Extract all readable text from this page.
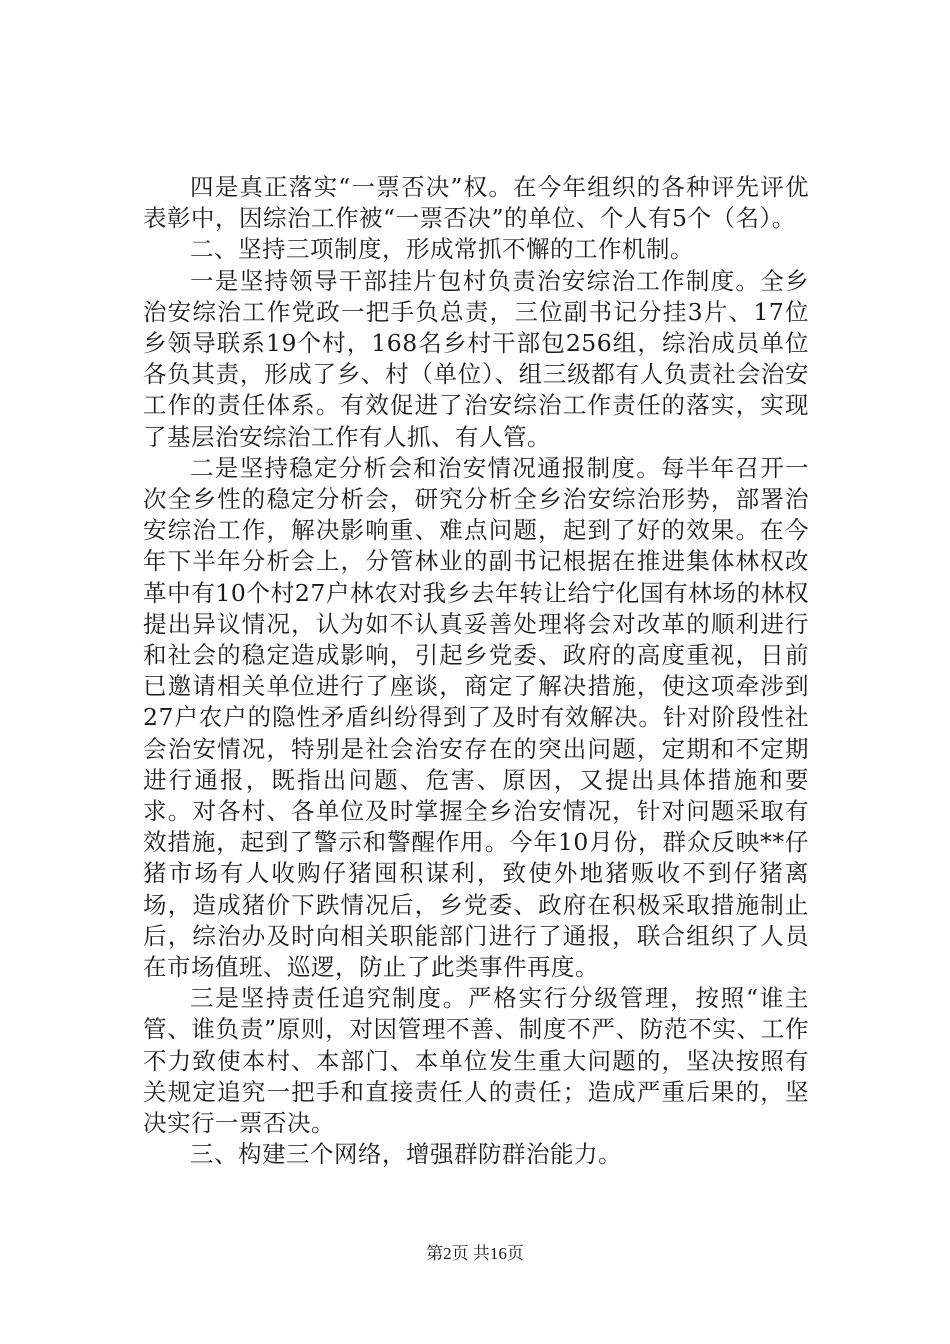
四是真正落实“一票否决”权。在今年组织的各种评先评优表彰中，因综治工作被“一票否决”的单位、个人有5个（名）。

二、坚持三项制度，形成常抓不懈的工作机制。

一是坚持领导干部挂片包村负责治安综治工作制度。全乡治安综治工作党政一把手负总责，三位副书记分挂3片、17位乡领导联系19个村，168名乡村干部包256组，综治成员单位各负其责，形成了乡、村（单位）、组三级都有人负责社会治安工作的责任体系。有效促进了治安综治工作责任的落实，实现了基层治安综治工作有人抓、有人管。

二是坚持稳定分析会和治安情况通报制度。每半年召开一次全乡性的稳定分析会，研究分析全乡治安综治形势，部署治安综治工作，解决影响重、难点问题，起到了好的效果。在今年下半年分析会上，分管林业的副书记根据在推进集体林权改革中有10个村27户林农对我乡去年转让给宁化国有林场的林权提出异议情况，认为如不认真妥善处理将会对改革的顺利进行和社会的稳定造成影响，引起乡党委、政府的高度重视，日前已邀请相关单位进行了座谈，商定了解决措施，使这项牵涉到27户农户的隐性矛盾纠纷得到了及时有效解决。针对阶段性社会治安情况，特别是社会治安存在的突出问题，定期和不定期进行通报，既指出问题、危害、原因，又提出具体措施和要求。对各村、各单位及时掌握全乡治安情况，针对问题采取有效措施，起到了警示和警醒作用。今年10月份，群众反映**仔猪市场有人收购仔猪囤积谋利，致使外地猪贩收不到仔猪离场，造成猪价下跌情况后，乡党委、政府在积极采取措施制止后，综治办及时向相关职能部门进行了通报，联合组织了人员在市场值班、巡逻，防止了此类事件再度。

三是坚持责任追究制度。严格实行分级管理，按照“谁主管、谁负责”原则，对因管理不善、制度不严、防范不实、工作不力致使本村、本部门、本单位发生重大问题的，坚决按照有关规定追究一把手和直接责任人的责任；造成严重后果的，坚决实行一票否决。

三、构建三个网络，增强群防群治能力。

第2页 共16页
